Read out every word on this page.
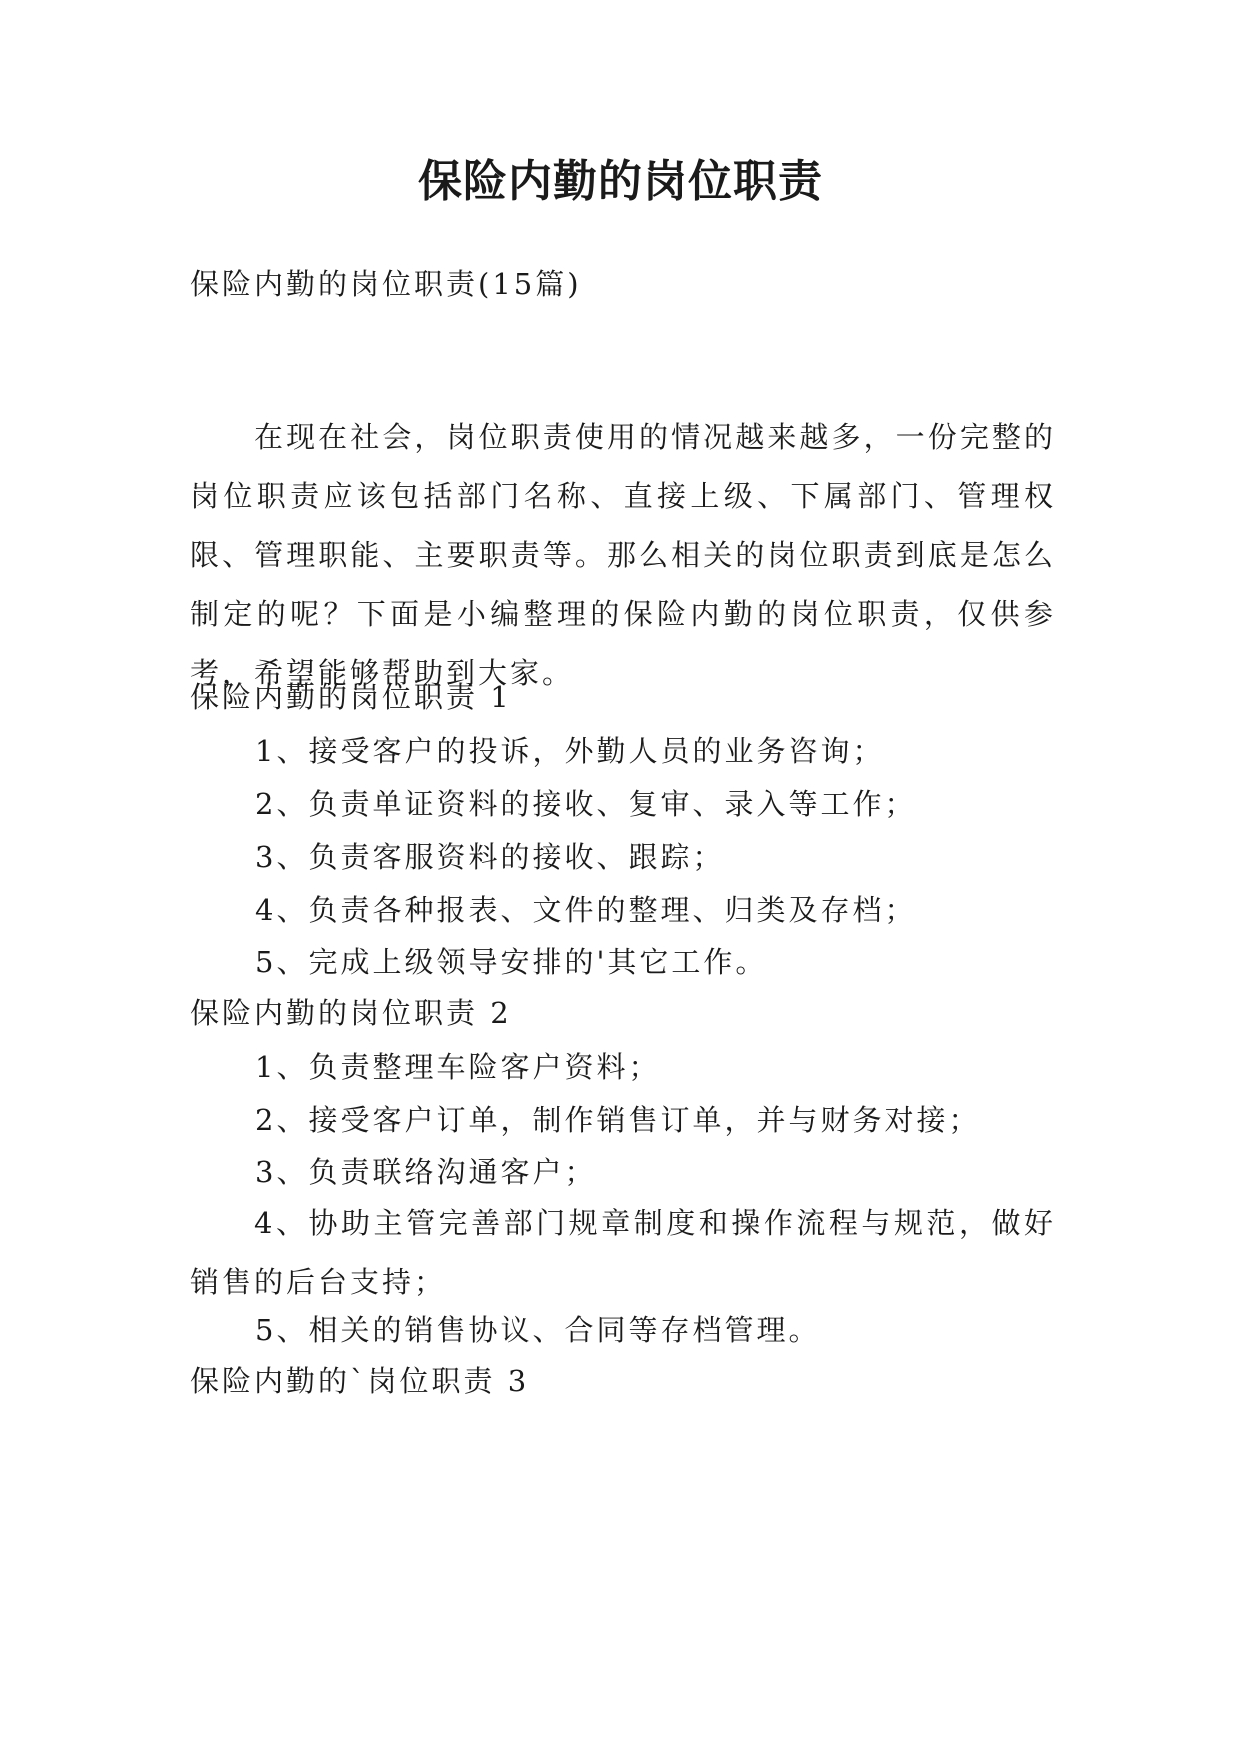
保险内勤的岗位职责

保险内勤的岗位职责(15篇)

在现在社会，岗位职责使用的情况越来越多，一份完整的岗位职责应该包括部门名称、直接上级、下属部门、管理权限、管理职能、主要职责等。那么相关的岗位职责到底是怎么制定的呢？下面是小编整理的保险内勤的岗位职责，仅供参考，希望能够帮助到大家。

保险内勤的岗位职责 1

1、接受客户的投诉，外勤人员的业务咨询；

2、负责单证资料的接收、复审、录入等工作；

3、负责客服资料的接收、跟踪；

4、负责各种报表、文件的整理、归类及存档；

5、完成上级领导安排的'其它工作。

保险内勤的岗位职责 2

1、负责整理车险客户资料；

2、接受客户订单，制作销售订单，并与财务对接；

3、负责联络沟通客户；

4、协助主管完善部门规章制度和操作流程与规范，做好销售的后台支持；

5、相关的销售协议、合同等存档管理。

保险内勤的`岗位职责 3
